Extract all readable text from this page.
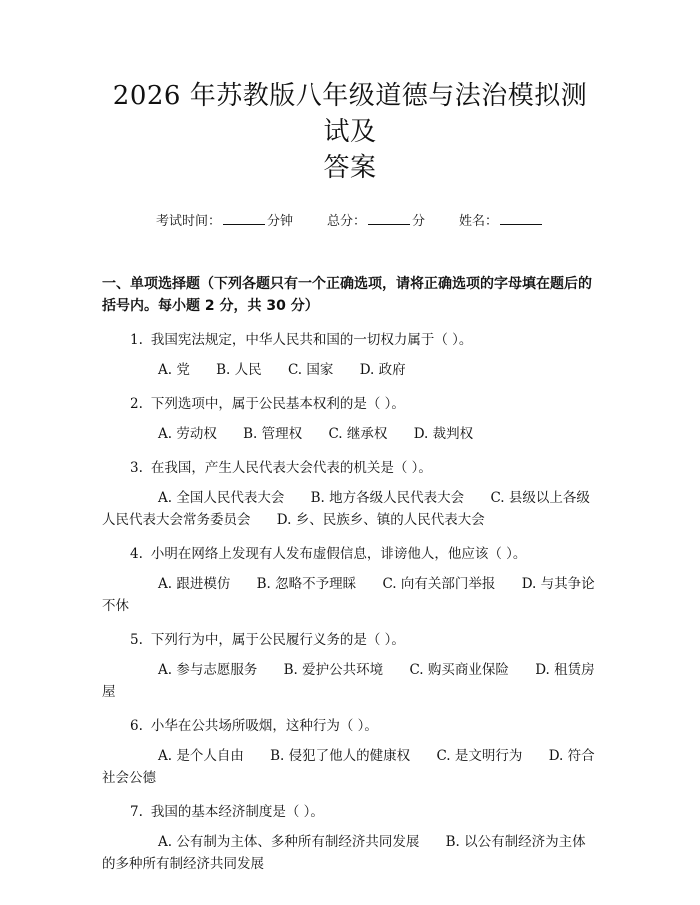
2026 年苏教版八年级道德与法治模拟测试及
答案
考试时间：	分钟	总分：	分	姓名：
一、单项选择题（下列各题只有一个正确选项，请将正确选项的字母填在题后的括号内。每小题 2 分，共 30 分）
1. 我国宪法规定，中华人民共和国的一切权力属于（ ）。
A. 党 B. 人民 C. 国家 D. 政府
2. 下列选项中，属于公民基本权利的是（ ）。
A. 劳动权 B. 管理权 C. 继承权 D. 裁判权
3. 在我国，产生人民代表大会代表的机关是（ ）。
A. 全国人民代表大会 B. 地方各级人民代表大会 C. 县级以上各级人民代表大会常务委员会 D. 乡、民族乡、镇的人民代表大会
4. 小明在网络上发现有人发布虚假信息，诽谤他人，他应该（ ）。
A. 跟进模仿 B. 忽略不予理睬 C. 向有关部门举报 D. 与其争论不休
5. 下列行为中，属于公民履行义务的是（ ）。
A. 参与志愿服务 B. 爱护公共环境 C. 购买商业保险 D. 租赁房屋
6. 小华在公共场所吸烟，这种行为（ ）。
A. 是个人自由 B. 侵犯了他人的健康权 C. 是文明行为 D. 符合社会公德
7. 我国的基本经济制度是（ ）。
A. 公有制为主体、多种所有制经济共同发展 B. 以公有制经济为主体的多种所有制经济共同发展
